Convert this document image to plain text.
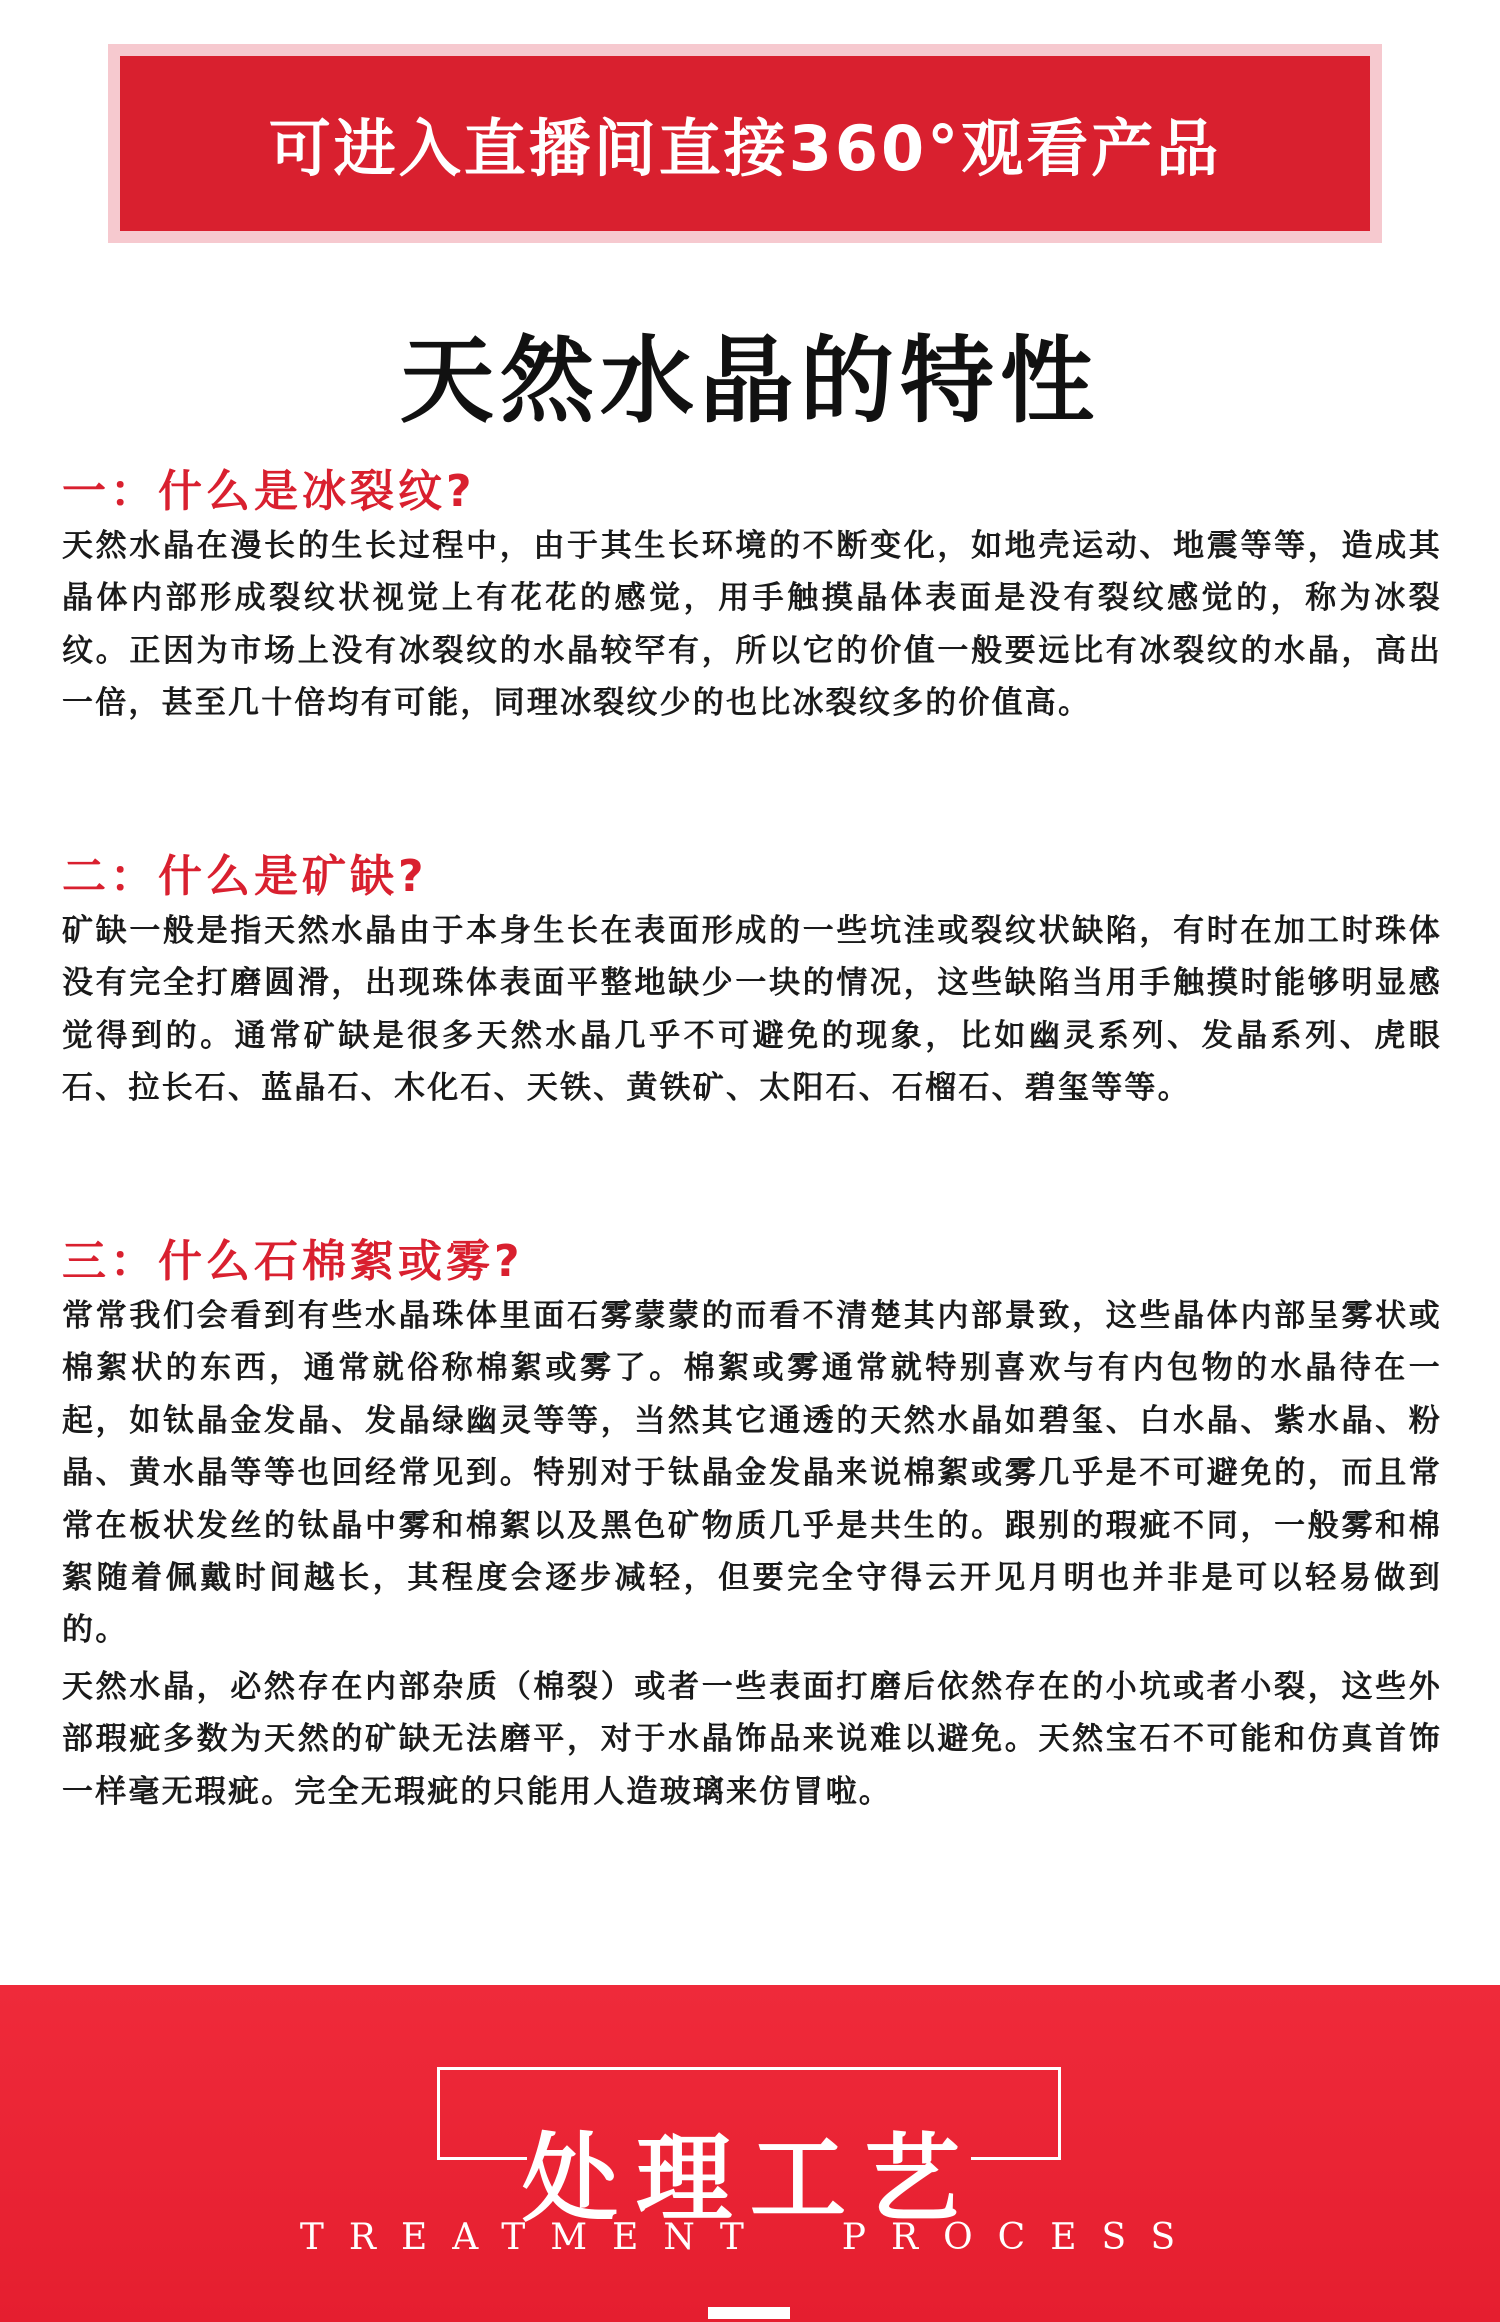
可进入直播间直接360°观看产品
天然水晶的特性
一：什么是冰裂纹?

天然水晶在漫长的生长过程中，由于其生长环境的不断变化，如地壳运动、地震等等，造成其晶体内部形成裂纹状视觉上有花花的感觉，用手触摸晶体表面是没有裂纹感觉的，称为冰裂纹。正因为市场上没有冰裂纹的水晶较罕有，所以它的价值一般要远比有冰裂纹的水晶，高出一倍，甚至几十倍均有可能，同理冰裂纹少的也比冰裂纹多的价值高。

二：什么是矿缺?

矿缺一般是指天然水晶由于本身生长在表面形成的一些坑洼或裂纹状缺陷，有时在加工时珠体没有完全打磨圆滑，出现珠体表面平整地缺少一块的情况，这些缺陷当用手触摸时能够明显感觉得到的。通常矿缺是很多天然水晶几乎不可避免的现象，比如幽灵系列、发晶系列、虎眼石、拉长石、蓝晶石、木化石、天铁、黄铁矿、太阳石、石榴石、碧玺等等。

三：什么石棉絮或雾?

常常我们会看到有些水晶珠体里面石雾蒙蒙的而看不清楚其内部景致，这些晶体内部呈雾状或棉絮状的东西，通常就俗称棉絮或雾了。棉絮或雾通常就特别喜欢与有内包物的水晶待在一起，如钛晶金发晶、发晶绿幽灵等等，当然其它通透的天然水晶如碧玺、白水晶、紫水晶、粉晶、黄水晶等等也回经常见到。特别对于钛晶金发晶来说棉絮或雾几乎是不可避免的，而且常常在板状发丝的钛晶中雾和棉絮以及黑色矿物质几乎是共生的。跟别的瑕疵不同，一般雾和棉絮随着佩戴时间越长，其程度会逐步减轻，但要完全守得云开见月明也并非是可以轻易做到的。

天然水晶，必然存在内部杂质（棉裂）或者一些表面打磨后依然存在的小坑或者小裂，这些外部瑕疵多数为天然的矿缺无法磨平，对于水晶饰品来说难以避免。天然宝石不可能和仿真首饰一样毫无瑕疵。完全无瑕疵的只能用人造玻璃来仿冒啦。

处理工艺
TREATMENT  PROCESS
